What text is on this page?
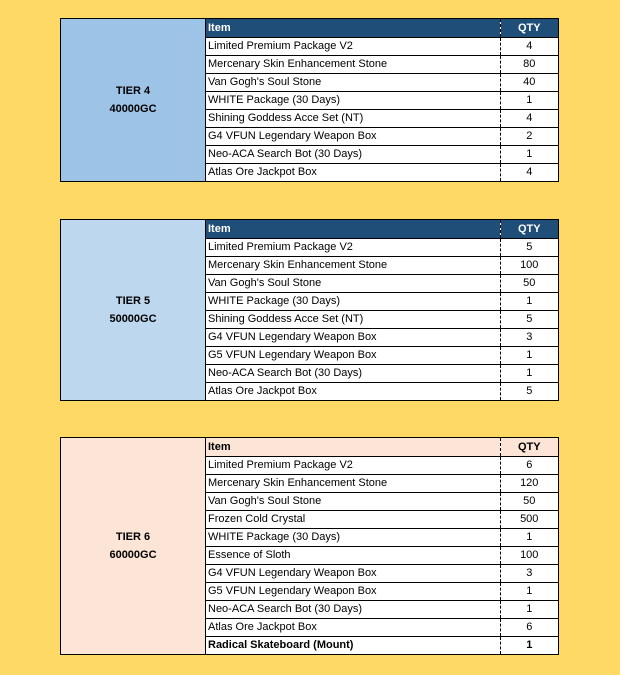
TIER 4
40000GC
Item	QTY
Limited Premium Package V2	4
Mercenary Skin Enhancement Stone	80
Van Gogh's Soul Stone	40
WHITE Package (30 Days)	1
Shining Goddess Acce Set (NT)	4
G4 VFUN Legendary Weapon Box	2
Neo-ACA Search Bot (30 Days)	1
Atlas Ore Jackpot Box	4
TIER 5
50000GC
Item	QTY
Limited Premium Package V2	5
Mercenary Skin Enhancement Stone	100
Van Gogh's Soul Stone	50
WHITE Package (30 Days)	1
Shining Goddess Acce Set (NT)	5
G4 VFUN Legendary Weapon Box	3
G5 VFUN Legendary Weapon Box	1
Neo-ACA Search Bot (30 Days)	1
Atlas Ore Jackpot Box	5
TIER 6
60000GC
Item	QTY
Limited Premium Package V2	6
Mercenary Skin Enhancement Stone	120
Van Gogh's Soul Stone	50
Frozen Cold Crystal	500
WHITE Package (30 Days)	1
Essence of Sloth	100
G4 VFUN Legendary Weapon Box	3
G5 VFUN Legendary Weapon Box	1
Neo-ACA Search Bot (30 Days)	1
Atlas Ore Jackpot Box	6
Radical Skateboard (Mount)	1
